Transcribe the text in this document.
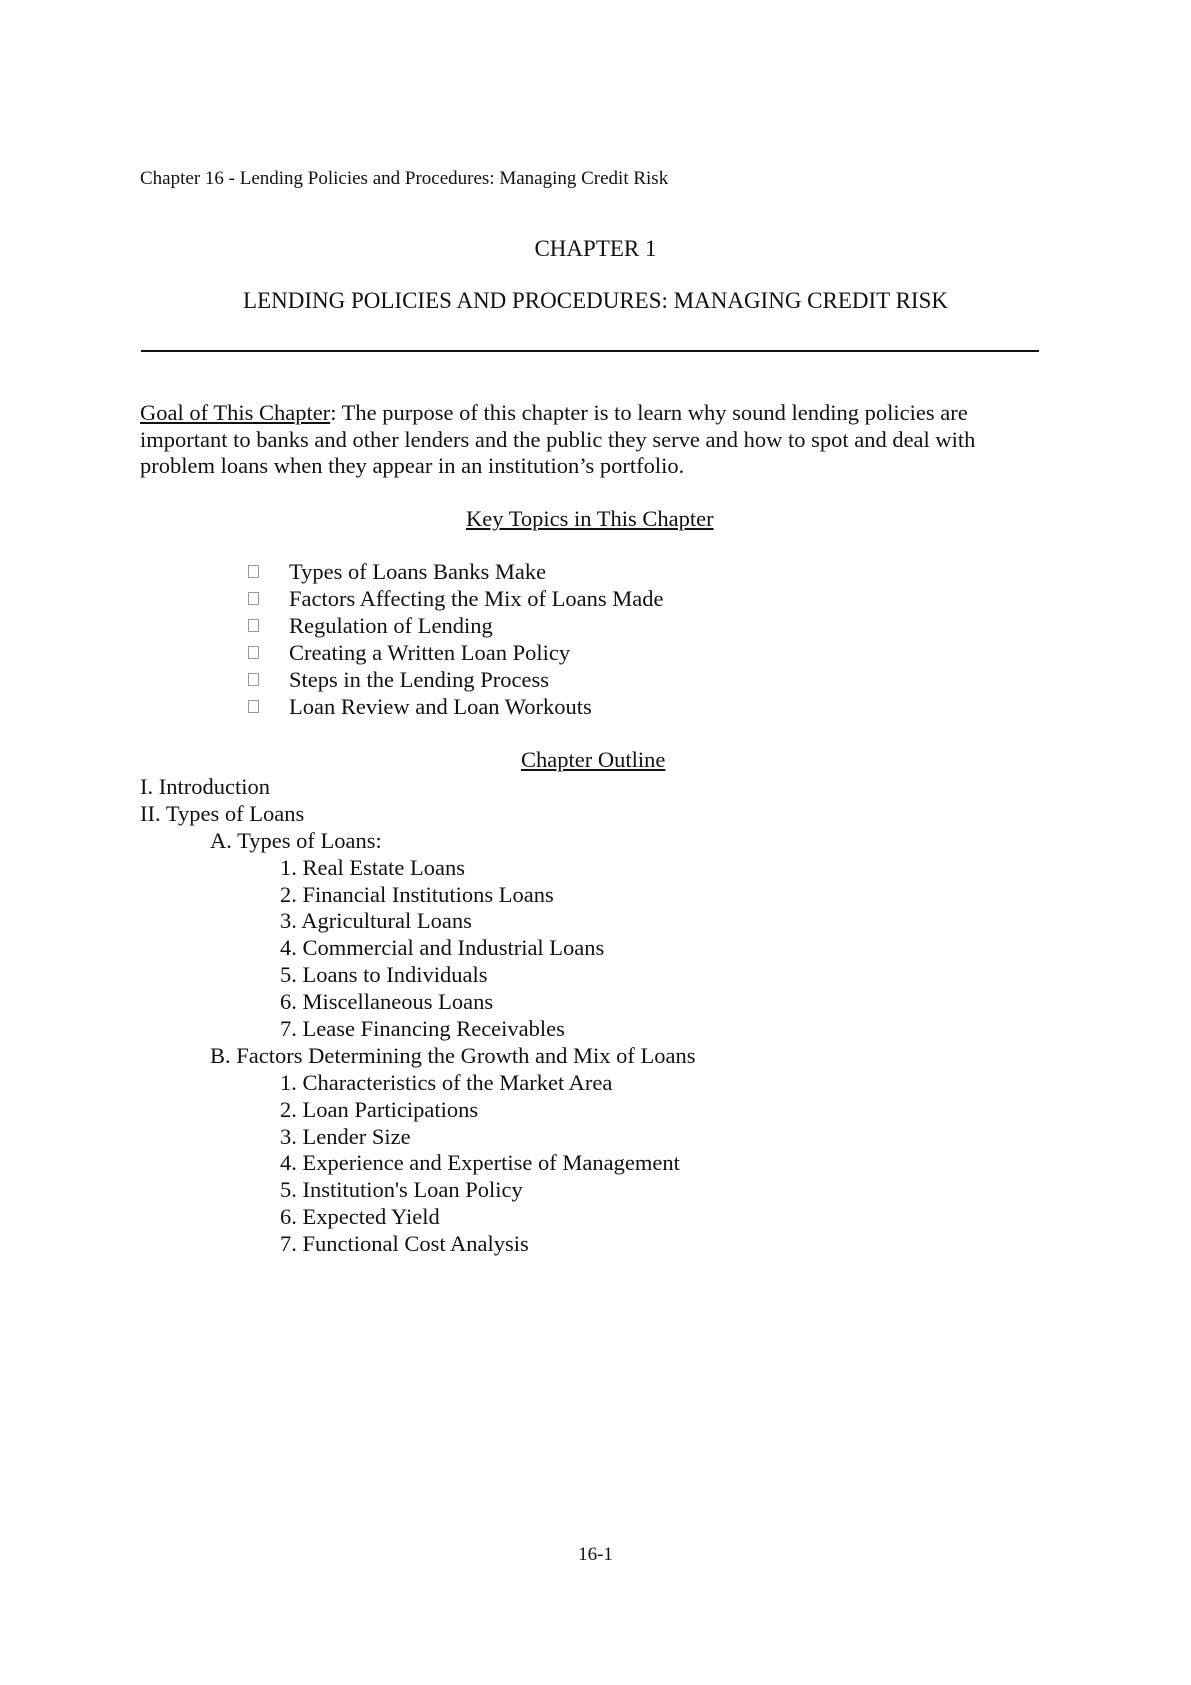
Chapter 16 - Lending Policies and Procedures: Managing Credit Risk
CHAPTER 1
LENDING POLICIES AND PROCEDURES: MANAGING CREDIT RISK
Goal of This Chapter: The purpose of this chapter is to learn why sound lending policies are important to banks and other lenders and the public they serve and how to spot and deal with problem loans when they appear in an institution’s portfolio.
Key Topics in This Chapter
Types of Loans Banks Make
Factors Affecting the Mix of Loans Made
Regulation of Lending
Creating a Written Loan Policy
Steps in the Lending Process
Loan Review and Loan Workouts
Chapter Outline
I. Introduction
II. Types of Loans
A. Types of Loans:
1. Real Estate Loans
2. Financial Institutions Loans
3. Agricultural Loans
4. Commercial and Industrial Loans
5. Loans to Individuals
6. Miscellaneous Loans
7. Lease Financing Receivables
B. Factors Determining the Growth and Mix of Loans
1. Characteristics of the Market Area
2. Loan Participations
3. Lender Size
4. Experience and Expertise of Management
5. Institution's Loan Policy
6. Expected Yield
7. Functional Cost Analysis
16-1
